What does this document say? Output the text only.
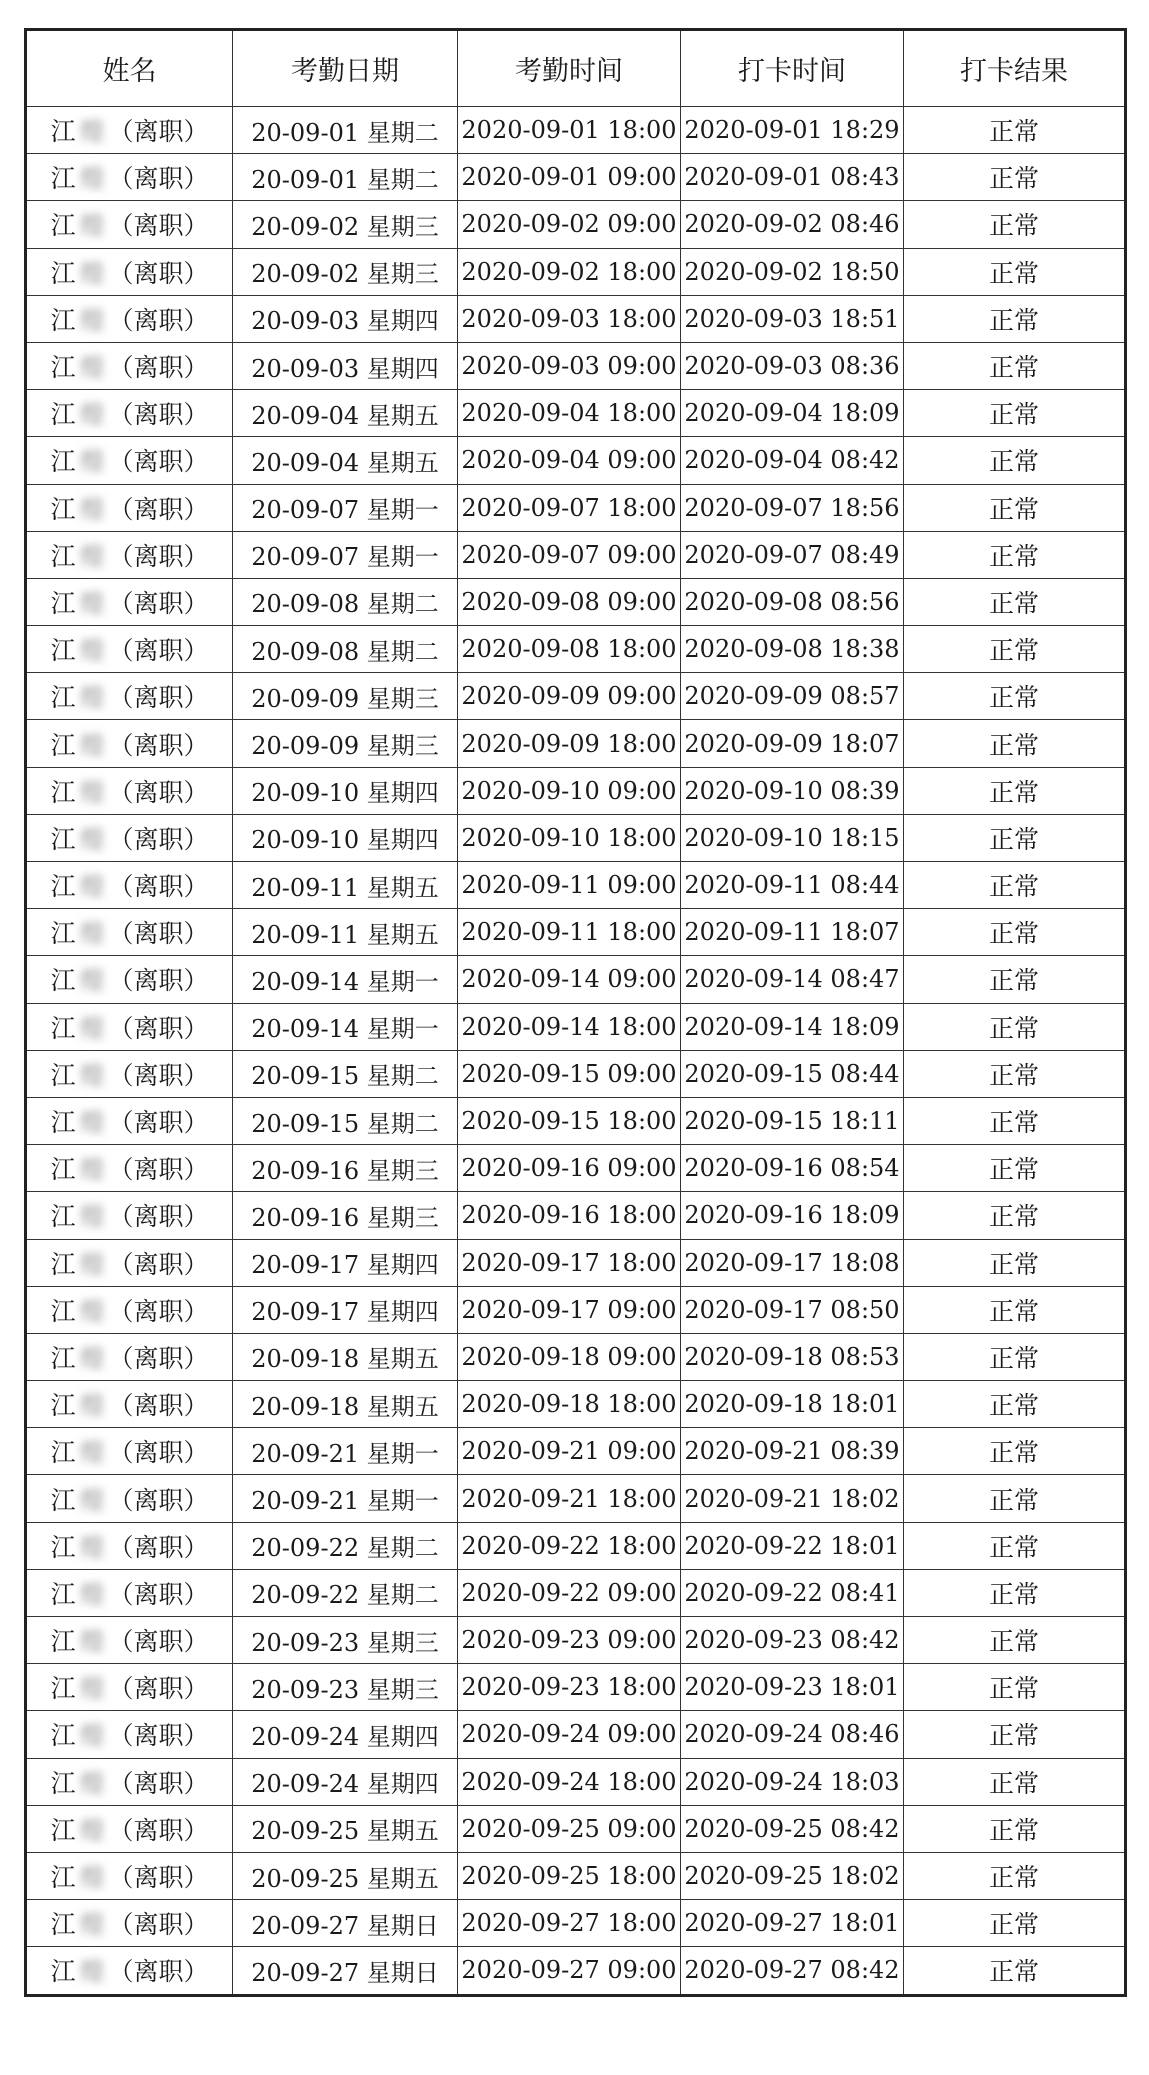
姓名	考勤日期	考勤时间	打卡时间	打卡结果
江 煌 （离职）	20-09-01 星期二	2020-09-01 18:00	2020-09-01 18:29	正常
江 煌 （离职）	20-09-01 星期二	2020-09-01 09:00	2020-09-01 08:43	正常
江 煌 （离职）	20-09-02 星期三	2020-09-02 09:00	2020-09-02 08:46	正常
江 煌 （离职）	20-09-02 星期三	2020-09-02 18:00	2020-09-02 18:50	正常
江 煌 （离职）	20-09-03 星期四	2020-09-03 18:00	2020-09-03 18:51	正常
江 煌 （离职）	20-09-03 星期四	2020-09-03 09:00	2020-09-03 08:36	正常
江 煌 （离职）	20-09-04 星期五	2020-09-04 18:00	2020-09-04 18:09	正常
江 煌 （离职）	20-09-04 星期五	2020-09-04 09:00	2020-09-04 08:42	正常
江 煌 （离职）	20-09-07 星期一	2020-09-07 18:00	2020-09-07 18:56	正常
江 煌 （离职）	20-09-07 星期一	2020-09-07 09:00	2020-09-07 08:49	正常
江 煌 （离职）	20-09-08 星期二	2020-09-08 09:00	2020-09-08 08:56	正常
江 煌 （离职）	20-09-08 星期二	2020-09-08 18:00	2020-09-08 18:38	正常
江 煌 （离职）	20-09-09 星期三	2020-09-09 09:00	2020-09-09 08:57	正常
江 煌 （离职）	20-09-09 星期三	2020-09-09 18:00	2020-09-09 18:07	正常
江 煌 （离职）	20-09-10 星期四	2020-09-10 09:00	2020-09-10 08:39	正常
江 煌 （离职）	20-09-10 星期四	2020-09-10 18:00	2020-09-10 18:15	正常
江 煌 （离职）	20-09-11 星期五	2020-09-11 09:00	2020-09-11 08:44	正常
江 煌 （离职）	20-09-11 星期五	2020-09-11 18:00	2020-09-11 18:07	正常
江 煌 （离职）	20-09-14 星期一	2020-09-14 09:00	2020-09-14 08:47	正常
江 煌 （离职）	20-09-14 星期一	2020-09-14 18:00	2020-09-14 18:09	正常
江 煌 （离职）	20-09-15 星期二	2020-09-15 09:00	2020-09-15 08:44	正常
江 煌 （离职）	20-09-15 星期二	2020-09-15 18:00	2020-09-15 18:11	正常
江 煌 （离职）	20-09-16 星期三	2020-09-16 09:00	2020-09-16 08:54	正常
江 煌 （离职）	20-09-16 星期三	2020-09-16 18:00	2020-09-16 18:09	正常
江 煌 （离职）	20-09-17 星期四	2020-09-17 18:00	2020-09-17 18:08	正常
江 煌 （离职）	20-09-17 星期四	2020-09-17 09:00	2020-09-17 08:50	正常
江 煌 （离职）	20-09-18 星期五	2020-09-18 09:00	2020-09-18 08:53	正常
江 煌 （离职）	20-09-18 星期五	2020-09-18 18:00	2020-09-18 18:01	正常
江 煌 （离职）	20-09-21 星期一	2020-09-21 09:00	2020-09-21 08:39	正常
江 煌 （离职）	20-09-21 星期一	2020-09-21 18:00	2020-09-21 18:02	正常
江 煌 （离职）	20-09-22 星期二	2020-09-22 18:00	2020-09-22 18:01	正常
江 煌 （离职）	20-09-22 星期二	2020-09-22 09:00	2020-09-22 08:41	正常
江 煌 （离职）	20-09-23 星期三	2020-09-23 09:00	2020-09-23 08:42	正常
江 煌 （离职）	20-09-23 星期三	2020-09-23 18:00	2020-09-23 18:01	正常
江 煌 （离职）	20-09-24 星期四	2020-09-24 09:00	2020-09-24 08:46	正常
江 煌 （离职）	20-09-24 星期四	2020-09-24 18:00	2020-09-24 18:03	正常
江 煌 （离职）	20-09-25 星期五	2020-09-25 09:00	2020-09-25 08:42	正常
江 煌 （离职）	20-09-25 星期五	2020-09-25 18:00	2020-09-25 18:02	正常
江 煌 （离职）	20-09-27 星期日	2020-09-27 18:00	2020-09-27 18:01	正常
江 煌 （离职）	20-09-27 星期日	2020-09-27 09:00	2020-09-27 08:42	正常
